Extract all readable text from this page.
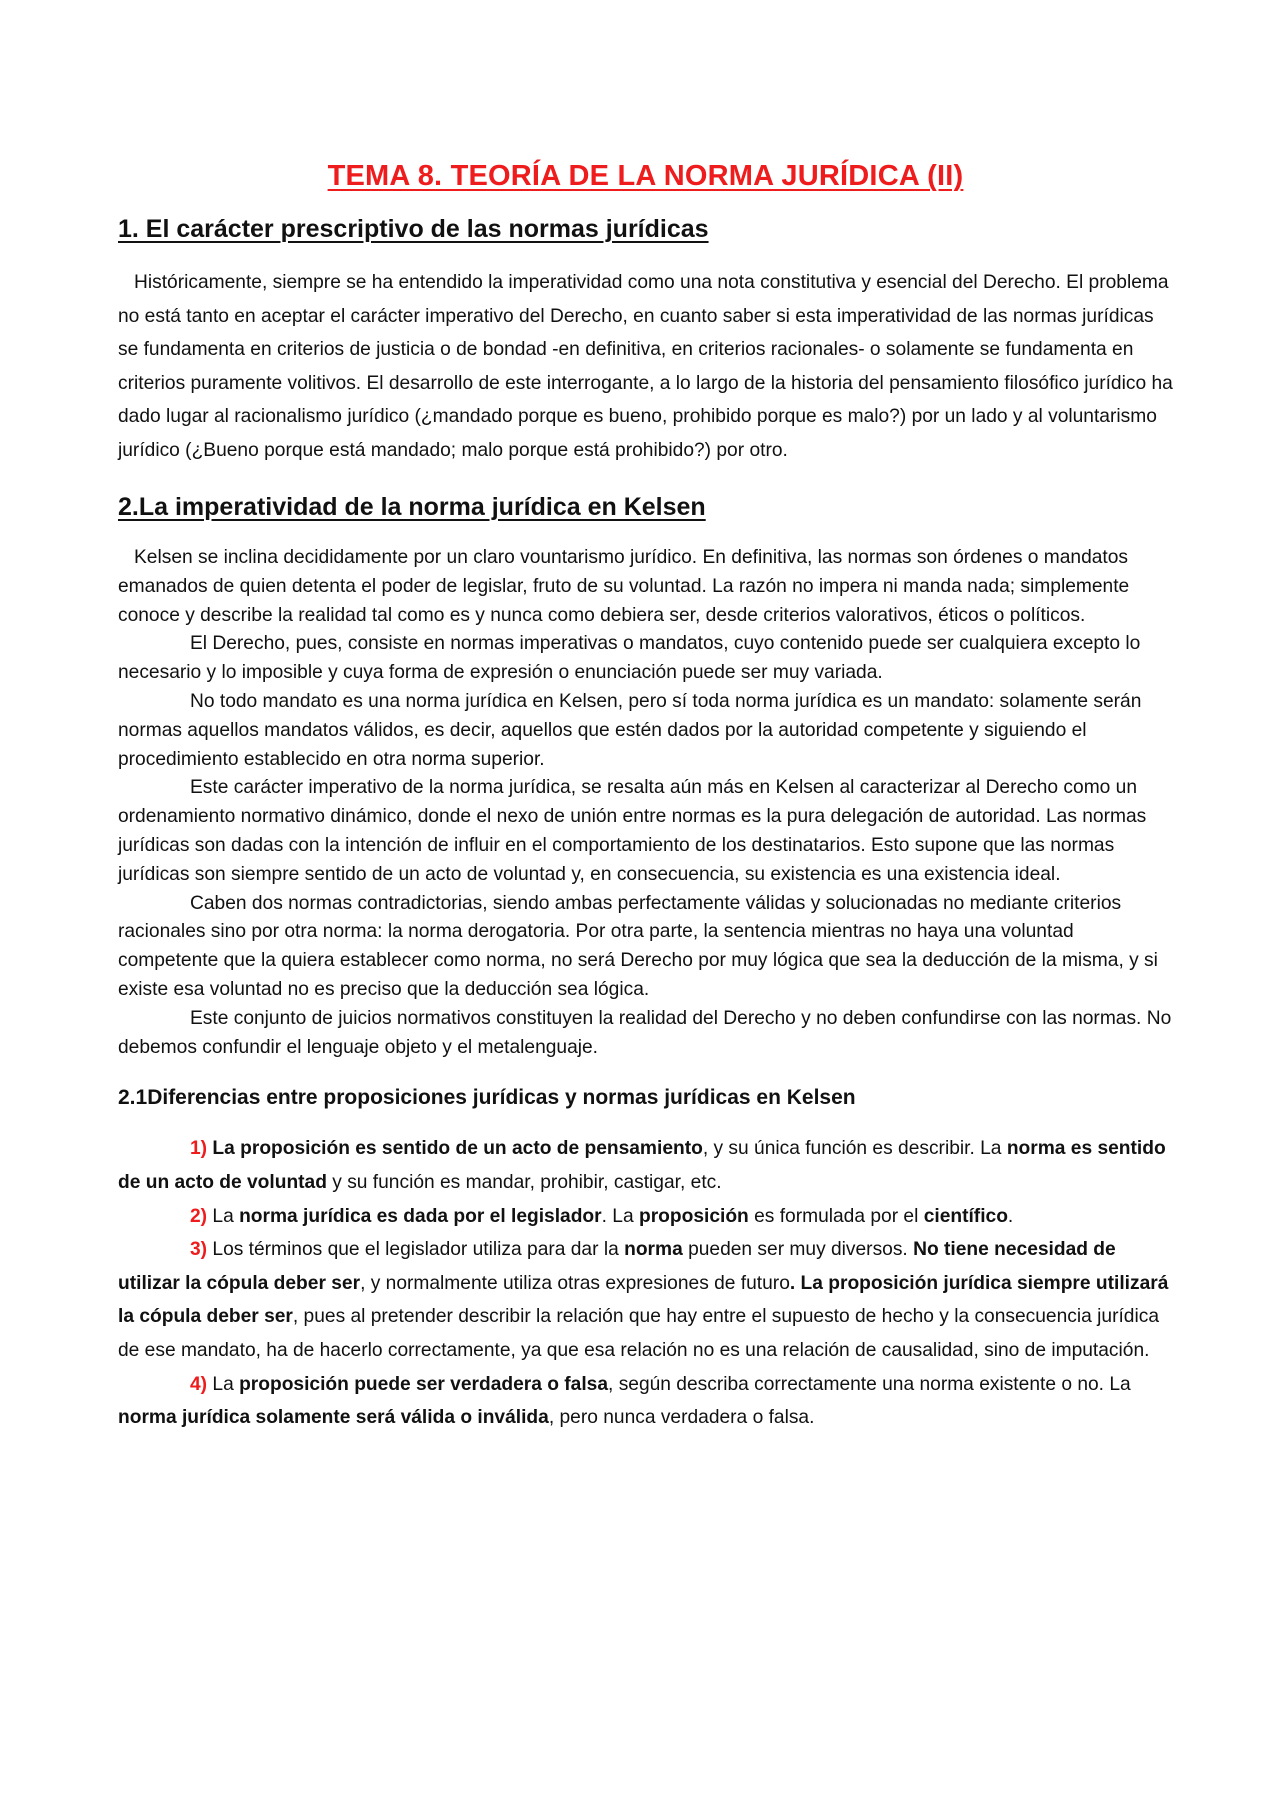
TEMA 8. TEORÍA DE LA NORMA JURÍDICA (II)
1. El carácter prescriptivo de las normas jurídicas

Históricamente, siempre se ha entendido la imperatividad como una nota constitutiva y esencial del Derecho. El problema no está tanto en aceptar el carácter imperativo del Derecho, en cuanto saber si esta imperatividad de las normas jurídicas se fundamenta en criterios de justicia o de bondad -en definitiva, en criterios racionales- o solamente se fundamenta en criterios puramente volitivos. El desarrollo de este interrogante, a lo largo de la historia del pensamiento filosófico jurídico ha dado lugar al racionalismo jurídico (¿mandado porque es bueno, prohibido porque es malo?) por un lado y al voluntarismo jurídico (¿Bueno porque está mandado; malo porque está prohibido?) por otro.

2.La imperatividad de la norma jurídica en Kelsen

Kelsen se inclina decididamente por un claro vountarismo jurídico. En definitiva, las normas son órdenes o mandatos emanados de quien detenta el poder de legislar, fruto de su voluntad. La razón no impera ni manda nada; simplemente conoce y describe la realidad tal como es y nunca como debiera ser, desde criterios valorativos, éticos o políticos.

El Derecho, pues, consiste en normas imperativas o mandatos, cuyo contenido puede ser cualquiera excepto lo necesario y lo imposible y cuya forma de expresión o enunciación puede ser muy variada.

No todo mandato es una norma jurídica en Kelsen, pero sí toda norma jurídica es un mandato: solamente serán normas aquellos mandatos válidos, es decir, aquellos que estén dados por la autoridad competente y siguiendo el procedimiento establecido en otra norma superior.

Este carácter imperativo de la norma jurídica, se resalta aún más en Kelsen al caracterizar al Derecho como un ordenamiento normativo dinámico, donde el nexo de unión entre normas es la pura delegación de autoridad. Las normas jurídicas son dadas con la intención de influir en el comportamiento de los destinatarios. Esto supone que las normas jurídicas son siempre sentido de un acto de voluntad y, en consecuencia, su existencia es una existencia ideal.

Caben dos normas contradictorias, siendo ambas perfectamente válidas y solucionadas no mediante criterios racionales sino por otra norma: la norma derogatoria. Por otra parte, la sentencia mientras no haya una voluntad competente que la quiera establecer como norma, no será Derecho por muy lógica que sea la deducción de la misma, y si existe esa voluntad no es preciso que la deducción sea lógica.

Este conjunto de juicios normativos constituyen la realidad del Derecho y no deben confundirse con las normas. No debemos confundir el lenguaje objeto y el metalenguaje.

2.1Diferencias entre proposiciones jurídicas y normas jurídicas en Kelsen

1) La proposición es sentido de un acto de pensamiento, y su única función es describir. La norma es sentido de un acto de voluntad y su función es mandar, prohibir, castigar, etc.

2) La norma jurídica es dada por el legislador. La proposición es formulada por el científico.

3) Los términos que el legislador utiliza para dar la norma pueden ser muy diversos. No tiene necesidad de utilizar la cópula deber ser, y normalmente utiliza otras expresiones de futuro. La proposición jurídica siempre utilizará la cópula deber ser, pues al pretender describir la relación que hay entre el supuesto de hecho y la consecuencia jurídica de ese mandato, ha de hacerlo correctamente, ya que esa relación no es una relación de causalidad, sino de imputación.

4) La proposición puede ser verdadera o falsa, según describa correctamente una norma existente o no. La norma jurídica solamente será válida o inválida, pero nunca verdadera o falsa.
